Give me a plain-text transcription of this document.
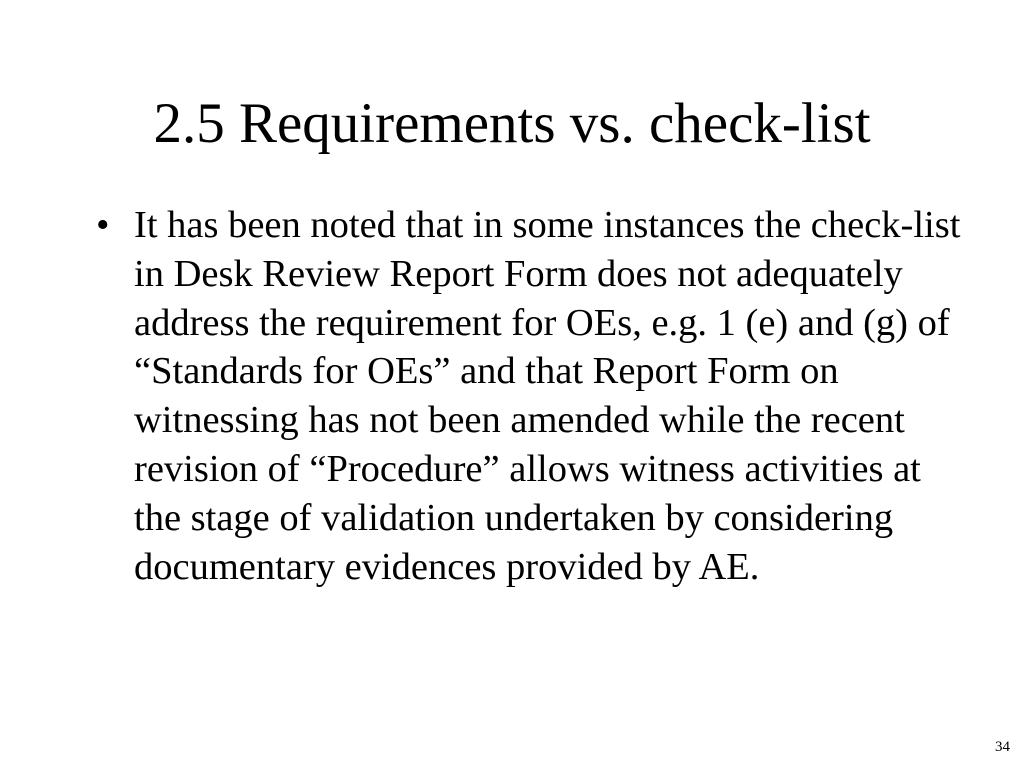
2.5 Requirements vs. check-list
• It has been noted that in some instances the check-list in Desk Review Report Form does not adequately address the requirement for OEs, e.g. 1 (e) and (g) of “Standards for OEs” and that Report Form on witnessing has not been amended while the recent revision of “Procedure” allows witness activities at the stage of validation undertaken by considering documentary evidences provided by AE.
34
